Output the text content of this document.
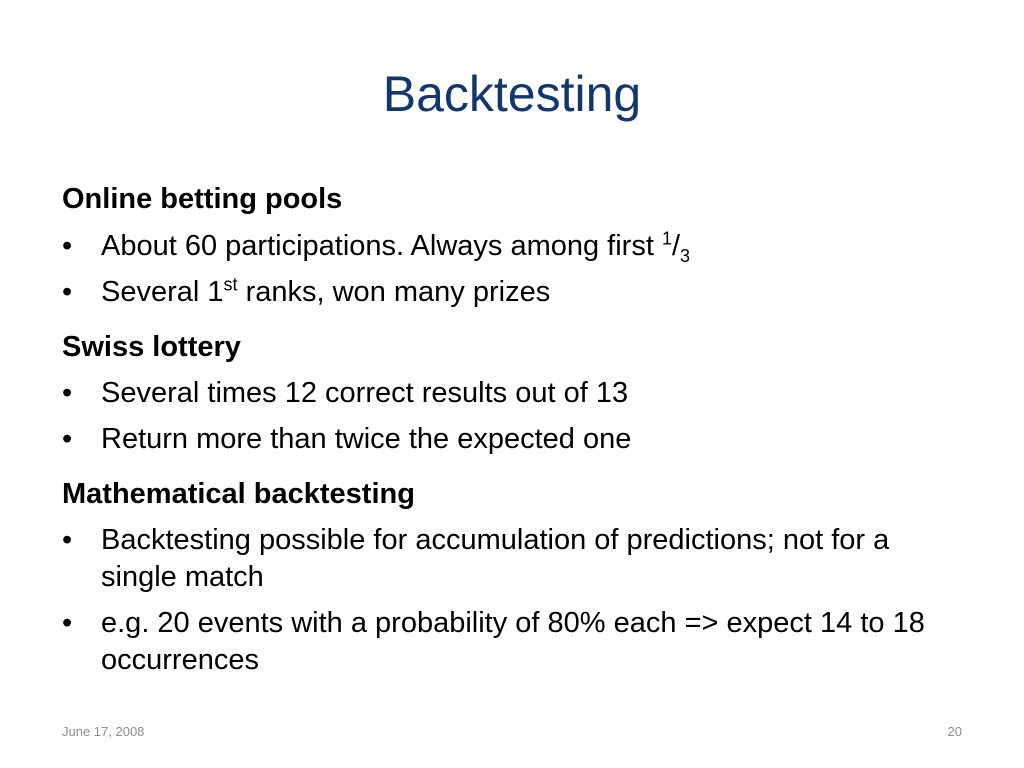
Backtesting
Online betting pools
• About 60 participations. Always among first $^1/_3$
• Several 1st ranks, won many prizes
Swiss lottery
• Several times 12 correct results out of 13
• Return more than twice the expected one
Mathematical backtesting
• Backtesting possible for accumulation of predictions; not for a single match
• e.g. 20 events with a probability of 80% each => expect 14 to 18 occurrences
June 17, 2008	20
